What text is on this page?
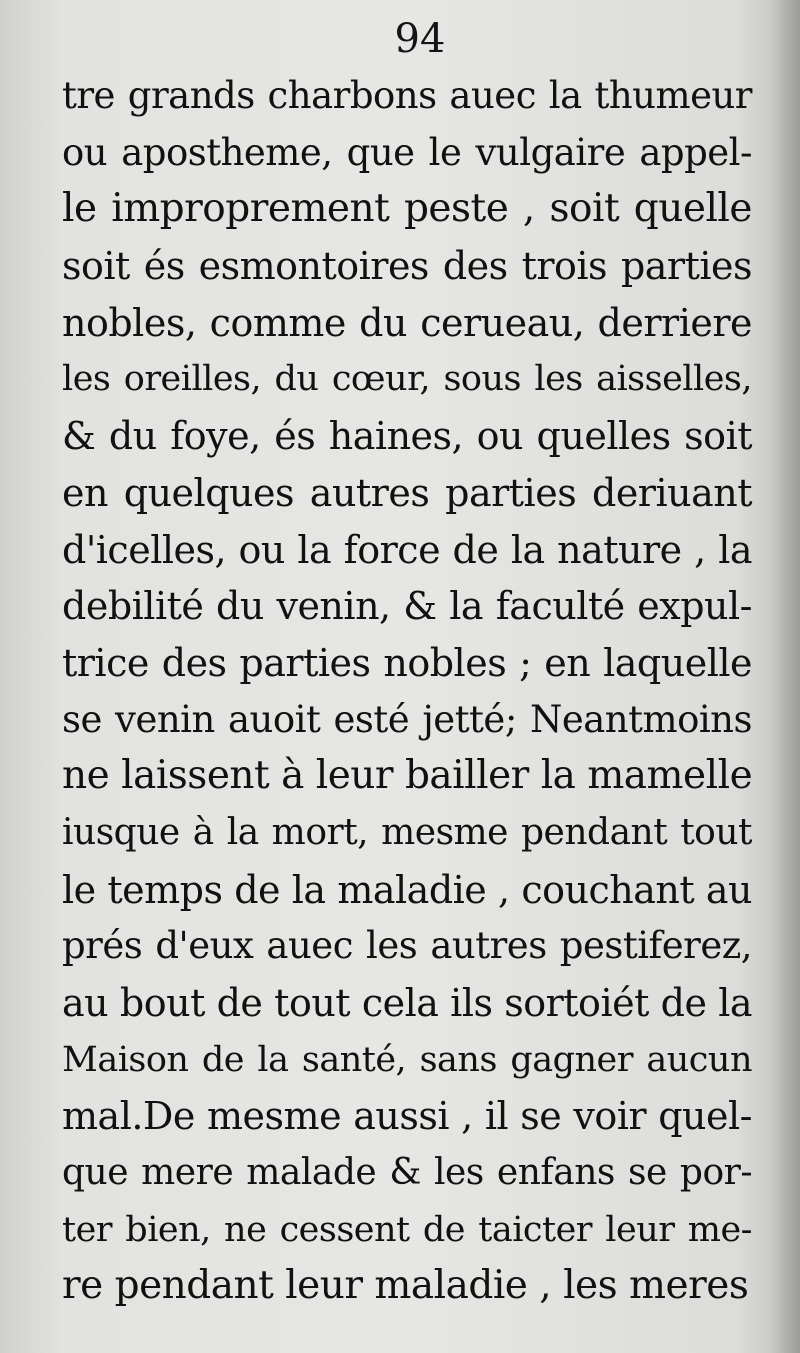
94
tre grands charbons auec la thumeur
ou apostheme, que le vulgaire appel-
le improprement peste , soit quelle
soit és esmontoires des trois parties
nobles, comme du cerueau, derriere
les oreilles, du cœur, sous les aisselles,
& du foye, és haines, ou quelles soit
en quelques autres parties deriuant
d'icelles, ou la force de la nature , la
debilité du venin, & la faculté expul-
trice des parties nobles ; en laquelle
se venin auoit esté jetté; Neantmoins
ne laissent à leur bailler la mamelle
iusque à la mort, mesme pendant tout
le temps de la maladie , couchant au
prés d'eux auec les autres pestiferez,
au bout de tout cela ils sortoiét de la
Maison de la santé, sans gagner aucun
mal.De mesme aussi , il se voir quel-
que mere malade & les enfans se por-
ter bien, ne cessent de taicter leur me-
re pendant leur maladie , les meres
